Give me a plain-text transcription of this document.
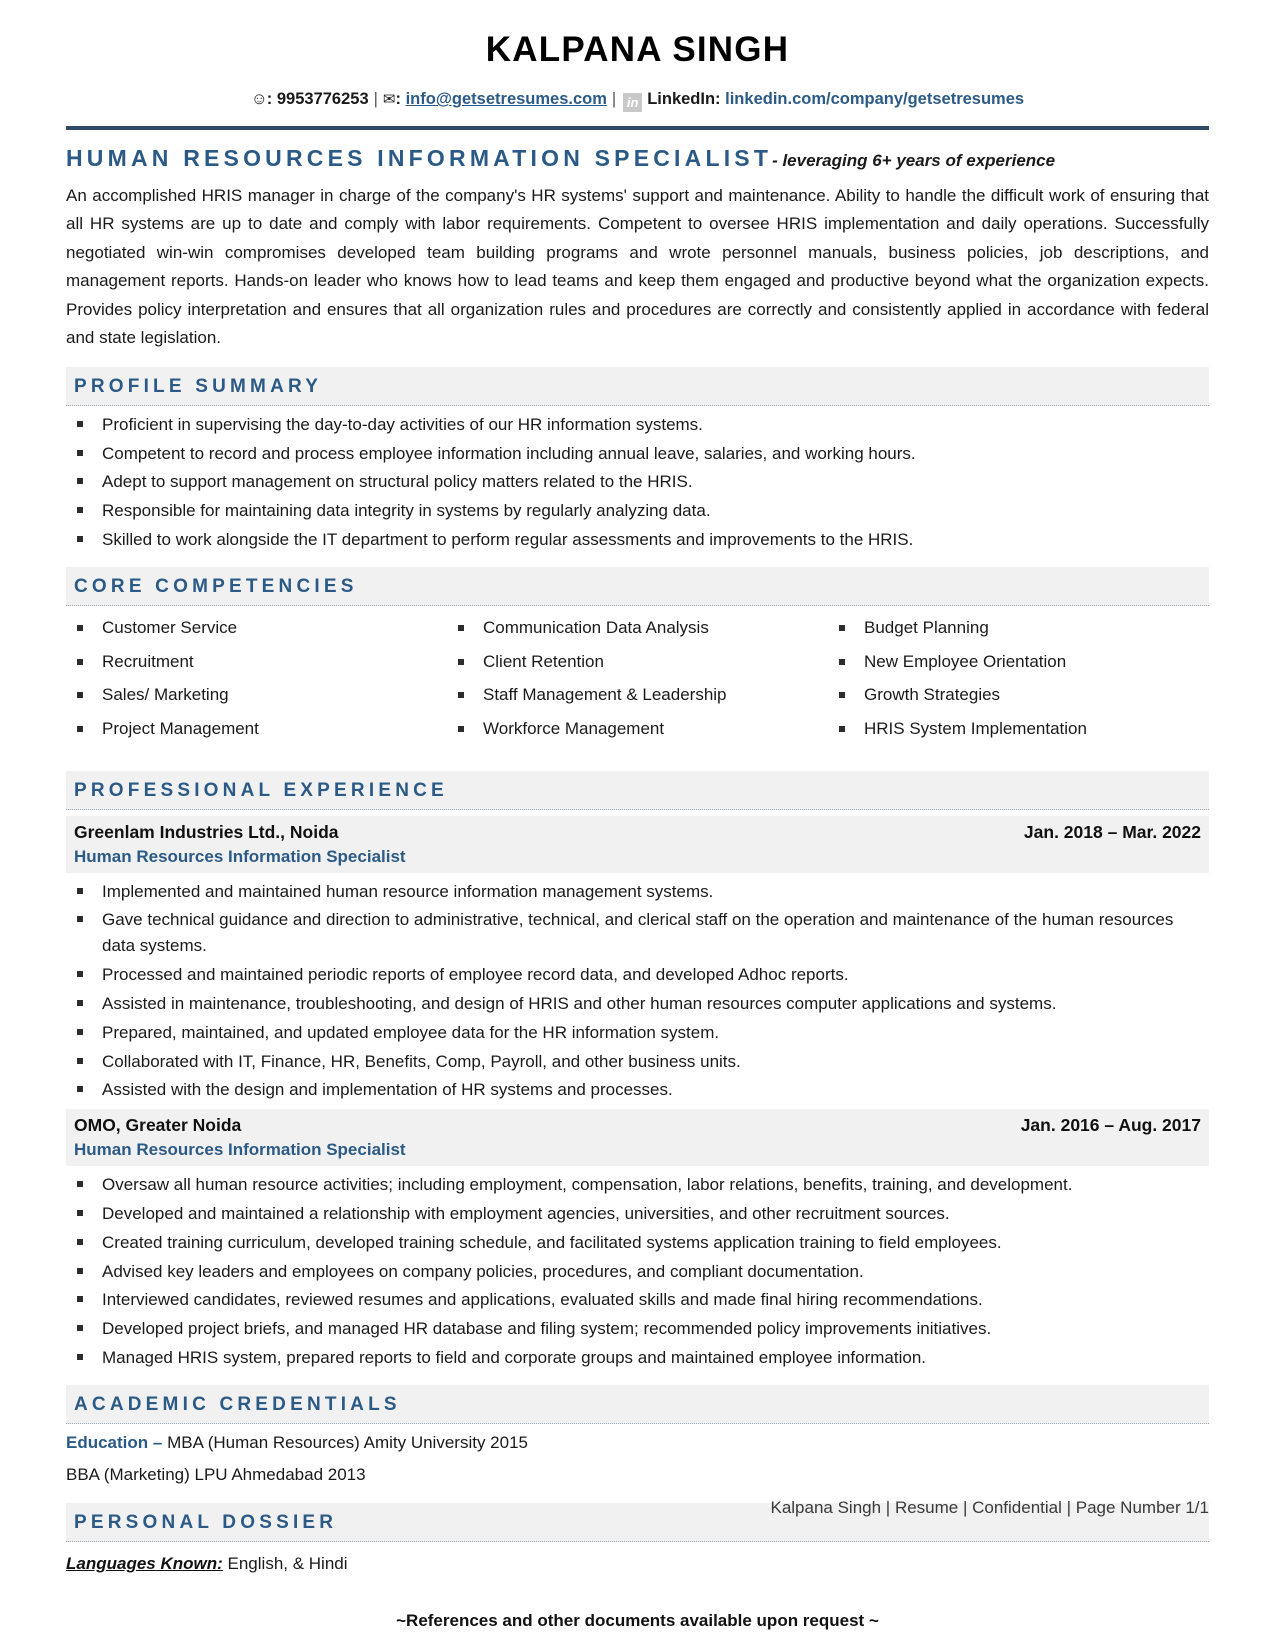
KALPANA SINGH
☺: 9953776253 | ✉: info@getsetresumes.com | in LinkedIn: linkedin.com/company/getsetresumes
HUMAN RESOURCES INFORMATION SPECIALIST- leveraging 6+ years of experience
An accomplished HRIS manager in charge of the company's HR systems' support and maintenance. Ability to handle the difficult work of ensuring that all HR systems are up to date and comply with labor requirements. Competent to oversee HRIS implementation and daily operations. Successfully negotiated win-win compromises developed team building programs and wrote personnel manuals, business policies, job descriptions, and management reports. Hands-on leader who knows how to lead teams and keep them engaged and productive beyond what the organization expects. Provides policy interpretation and ensures that all organization rules and procedures are correctly and consistently applied in accordance with federal and state legislation.
PROFILE SUMMARY
Proficient in supervising the day-to-day activities of our HR information systems.
Competent to record and process employee information including annual leave, salaries, and working hours.
Adept to support management on structural policy matters related to the HRIS.
Responsible for maintaining data integrity in systems by regularly analyzing data.
Skilled to work alongside the IT department to perform regular assessments and improvements to the HRIS.
CORE COMPETENCIES
Customer Service	Communication Data Analysis	Budget Planning
Recruitment	Client Retention	New Employee Orientation
Sales/ Marketing	Staff Management & Leadership	Growth Strategies
Project Management	Workforce Management	HRIS System Implementation
PROFESSIONAL EXPERIENCE
Greenlam Industries Ltd., Noida	Jan. 2018 – Mar. 2022
Human Resources Information Specialist
Implemented and maintained human resource information management systems.
Gave technical guidance and direction to administrative, technical, and clerical staff on the operation and maintenance of the human resources data systems.
Processed and maintained periodic reports of employee record data, and developed Adhoc reports.
Assisted in maintenance, troubleshooting, and design of HRIS and other human resources computer applications and systems.
Prepared, maintained, and updated employee data for the HR information system.
Collaborated with IT, Finance, HR, Benefits, Comp, Payroll, and other business units.
Assisted with the design and implementation of HR systems and processes.
OMO, Greater Noida	Jan. 2016 – Aug. 2017
Human Resources Information Specialist
Oversaw all human resource activities; including employment, compensation, labor relations, benefits, training, and development.
Developed and maintained a relationship with employment agencies, universities, and other recruitment sources.
Created training curriculum, developed training schedule, and facilitated systems application training to field employees.
Advised key leaders and employees on company policies, procedures, and compliant documentation.
Interviewed candidates, reviewed resumes and applications, evaluated skills and made final hiring recommendations.
Developed project briefs, and managed HR database and filing system; recommended policy improvements initiatives.
Managed HRIS system, prepared reports to field and corporate groups and maintained employee information.
ACADEMIC CREDENTIALS
Education – MBA (Human Resources) Amity University 2015
BBA (Marketing) LPU Ahmedabad 2013
PERSONAL DOSSIER
Languages Known: English, & Hindi
~References and other documents available upon request ~
Kalpana Singh | Resume | Confidential | Page Number 1/1
